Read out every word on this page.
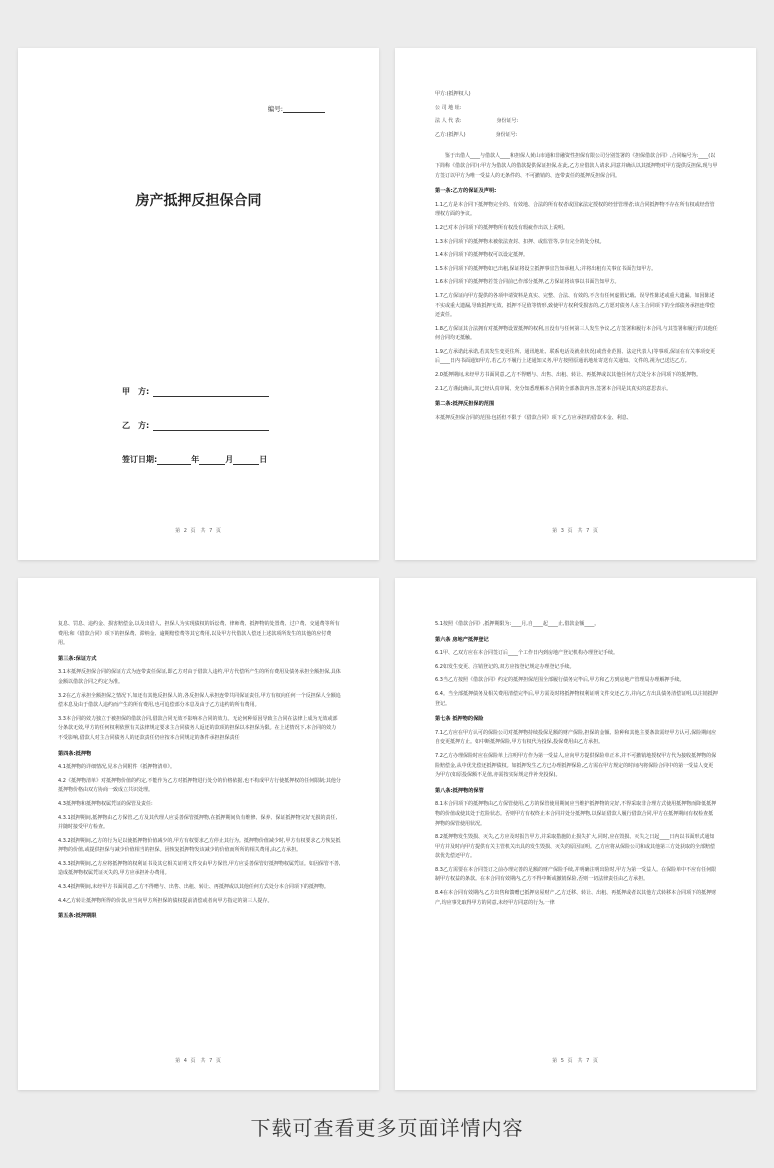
编号:
房产抵押反担保合同
甲　方:
乙　方:
签订日期:	年	月	日
第 2 页 共 7 页

甲方:(抵押权人)

公 司 地 址:

法 人 代 表:　　　　　　　身份证号:

乙方:(抵押人)　　　　　　身份证号:

鉴于出借人____与借款人____和担保人黄山市通和非融资性担保有限公司分别签署的《担保借款合同》,合同编号为:____(以下简称《借款合同》):甲方为借款人的借款提供保证担保,在此,乙方应借款人请求,同意并确认以其抵押物对甲方提供反担保,现与甲方签订以甲方为唯一受益人的无条件的、不可撤销的、连带责任的抵押反担保合同。

第一条:乙方的保证及声明:

1.1乙方是本合同下抵押物完全的、有效地、合法的所有权者或国家法定授权的经营管理者;该合同抵押物不存在所有权或经营管理权方面的争议。

1.2已对本合同项下的抵押物所有权没有瑕疵作出以上说明。

1.3本合同项下的抵押物未被依法查封、扣押、或监管等,享有完全的处分权。

1.4本合同项下的抵押物权可以设定抵押。

1.5本合同项下的抵押物如已出租,保证将设立抵押事宜告知承租人;并将出租有关事宜书面告知甲方。

1.6本合同项下的抵押物若签合同前已作部分抵押,乙方保证将该事以书面告知甲方。

1.7乙方保证向甲方提供的各项申请资料是真实、完整、合法、有效的,不含有任何虚假记载、误导性陈述或重大遗漏。如因陈述不实或重大遗漏,导致抵押无效、抵押不足值等情形,致使甲方权利受损害的,乙方愿对债务人在主合同项下的全部债务承担连带偿还责任。

1.8乙方保证其合法拥有对抵押物设置抵押的权利,且没有与任何第三人发生争议,乙方签署和履行本合同,与其签署和履行的其他任何合同均无抵触。

1.9乙方承诺此承诺,若其发生变更住所、通讯地址、联系电话及就业状况(或营业范围、法定代表人)等事项,保证在有关事项变更后____日内书面通知甲方,若乙方不履行上述通知义务,甲方按照原通讯地址寄送有关通知、文件的,视为已送达乙方。

2.0抵押期间,未经甲方书面同意,乙方不得赠与、出售、出租、转让、再抵押或以其他任何方式处分本合同项下的抵押物。

2.1乙方谨此确认,其已经认真审阅、充分知悉理解本合同的全部条款内容,签署本合同是其真实的意思表示。

第二条:抵押反担保的范围

本抵押反担保合同的范围:包括但不限于《借款合同》项下乙方应承担的借款本金、利息、

第 3 页 共 7 页

复息、罚息、违约金、损害赔偿金,以及出借人、担保人为实现债权的诉讼费、律师费、抵押物的处置费、过户费、交通费等所有费用;和《借款合同》项下的担保费、滞纳金、逾期赔偿费等其它费用,以及甲方代借款人偿还上述款项所发生的其他的应付费用。

第三条:保证方式

3.1本抵押反担保合同的保证方式为连带责任保证,即乙方对由于借款人违约,甲方代偿所产生的所有费用及债务承担全额担保,具体金额以借款合同之约定为准。

3.2在乙方承担全额担保之情况下,如还有其他反担保人的,各反担保人承担连带共同保证责任,甲方有权向任何一个反担保人全额追偿本息及由于借款人违约而产生的所有费用,也可追偿部分本息及由于乙方违约的所有费用。

3.3本合同的效力独立于被担保的借款合同,借款合同无效不影响本合同的效力。无论何种原因导致主合同在法律上成为无效或部分条款无效,甲方的任何权利依照有关法律规定要求主合同债务人返还的款项的担保以本担保为限。在上述情况下,本合同的效力不受影响,借款人对主合同债务人的还款责任仍应按本合同规定的条件承担担保责任

第四条:抵押物

4.1抵押物的详细情况,见本合同附件《抵押物清单》。

4.2《抵押物清单》对抵押物价值的约定,不能作为乙方对抵押物进行处分的价格依据,也不构成甲方行使抵押权的任何限制;其他分抵押物价格由双方协商一致成立共识处理。

4.3抵押物和抵押物权属凭证的保管及责任:

4.3.1抵押期间,抵押物由乙方保管,乙方及其代理人应妥善保管抵押物,在抵押期间负有维修、保养、保证抵押物完好无损的责任,并随时接受甲方检查。

4.3.2抵押期间,乙方的行为足以使抵押物价值减少的,甲方有权要求乙方停止其行为。抵押物价值减少时,甲方有权要求乙方恢复抵押物的价值,或提供担保与减少价值相当的担保。因恢复抵押物发该减少的价值而所所的相关费用,由乙方承担。

4.3.3抵押期间,乙方应将抵押物的权利证书及其它相关证明文件交由甲方保管,甲方应妥善保管好抵押物权属凭证。如因保管不善,造成抵押物权属凭证灭失的,甲方应承担补办费用。

4.3.4抵押期间,未经甲方书面同意,乙方不得赠与、出售、出租、转让、再抵押或以其他任何方式处分本合同项下的抵押物。

4.4乙方转让抵押物所得的价款,应当向甲方所担保的债权提前清偿或者向甲方指定的第三人提存。

第五条:抵押期限
第 4 页 共 7 页

5.1按照《借款合同》,抵押期限为:____月,自____起____止,借款金额____。

第六条 房地产抵押登记

6.1甲、乙双方应在本合同签订后____个工作日内到房地产登记机构办理登记手续。

6.2如发生变更、注销登记的,双方应按登记规定办理登记手续。

6.3当乙方按照《借款合同》约定的抵押担保范围全部履行债务完毕后,甲方和乙方到房地产管理局办理解押手续。

6.4。当全部抵押债务及相关费用清偿完毕后,甲方需及时将抵押物权利证明文件交还乙方,并向乙方出具债务清偿证明,以注销抵押登记。

第七条 抵押物的保险

7.1乙方应在甲方认可的保险公司对抵押物持续投保足额的财产保险,担保的金额、险种和其他主要条款需经甲方认可,保险期间应自变更抵押方止。如中断抵押保险,甲方有权代为投保,投保费用由乙方承担。

7.2乙方办理保险时应在保险单上注明甲方作为第一受益人,应向甲方提供保险单正本,并不可撤销地授权甲方代为接收抵押物的保险赔偿金,从中优先偿还抵押债权。如抵押发生乙方已办理抵押保险,乙方需在甲方规定的时间内将保险合同中的第一受益人变更为甲方(如原投保额不足值,亦需按实际规定作补充投保)。

第八条:抵押物的保管

8.1本合同项下的抵押物由乙方保管使用,乙方的保管使用期间应当维护抵押物的完好,不得采取非合理方式使用抵押物而降低抵押物的价值或使其处于危险状态。否则甲方有权终止本合同并处分抵押物,以保证借款人履行借款合同,甲方在抵押期间有权检查抵押物的保管使用状况。

8.2抵押物发生毁损、灭失,乙方应及时报告甲方,并采取措施防止损失扩大,同时,应在毁损、灭失之日起____日内以书面形式通知甲方并及时向甲方提供有关主管机关出具的发生毁损、灭失的原因证明。乙方应将从保险公司和或其他第三方处获取的全部赔偿款优先偿还甲方。

8.3乙方需要在本合同签订之前办理完善的足额的财产保险手续,并明确注明出险时,甲方为第一受益人。在保险单中不应有任何限制甲方权益的条款。在本合同有效期内,乙方不得中断或撤销保险,否则一切法律责任由乙方承担。

8.4在本合同有效期内,乙方出售和馈赠已抵押房屋财产,乙方迁移、转让、出租、再抵押或者以其他方式转移本合同项下的抵押财产,均应事先取得甲方的同意,未经甲方同意的行为,一律

第 5 页 共 7 页
下载可查看更多页面详情内容
